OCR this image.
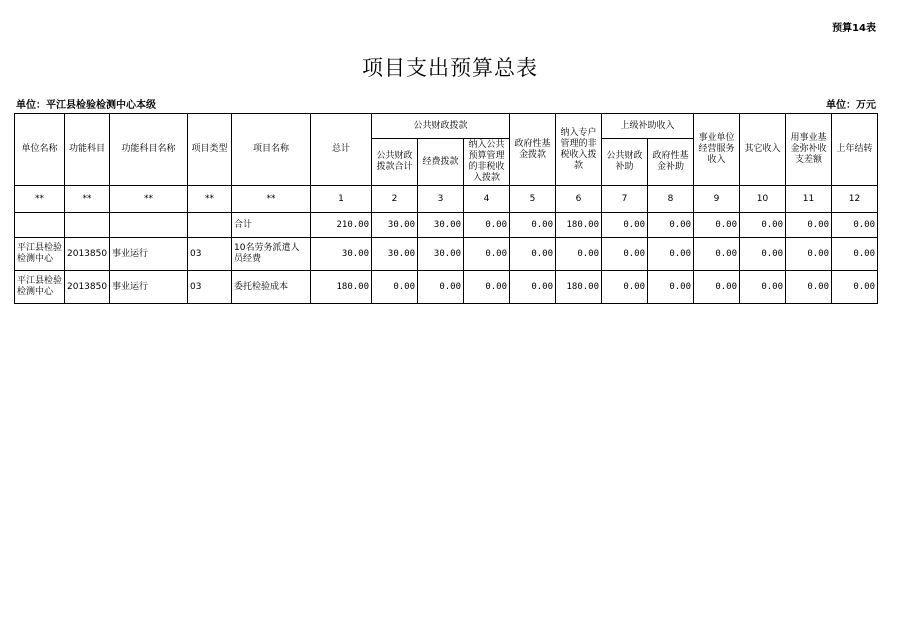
预算14表
项目支出预算总表
单位：平江县检验检测中心本级	单位：万元
单位名称	功能科目	功能科目名称	项目类型	项目名称	总计	公共财政拨款			政府性基金拨款	纳入专户管理的非税收入拨款	上级补助收入		事业单位经营服务收入	其它收入	用事业基金弥补收支差额	上年结转
						公共财政拨款合计	经费拨款	纳入公共预算管理的非税收入拨款			公共财政补助	政府性基金补助				
**	**	**	**	**	1	2	3	4	5	6	7	8	9	10	11	12
				合计	210.00	30.00	30.00	0.00	0.00	180.00	0.00	0.00	0.00	0.00	0.00	0.00
平江县检验检测中心	2013850	事业运行	03	10名劳务派遣人员经费	30.00	30.00	30.00	0.00	0.00	0.00	0.00	0.00	0.00	0.00	0.00	0.00
平江县检验检测中心	2013850	事业运行	03	委托检验成本	180.00	0.00	0.00	0.00	0.00	180.00	0.00	0.00	0.00	0.00	0.00	0.00
